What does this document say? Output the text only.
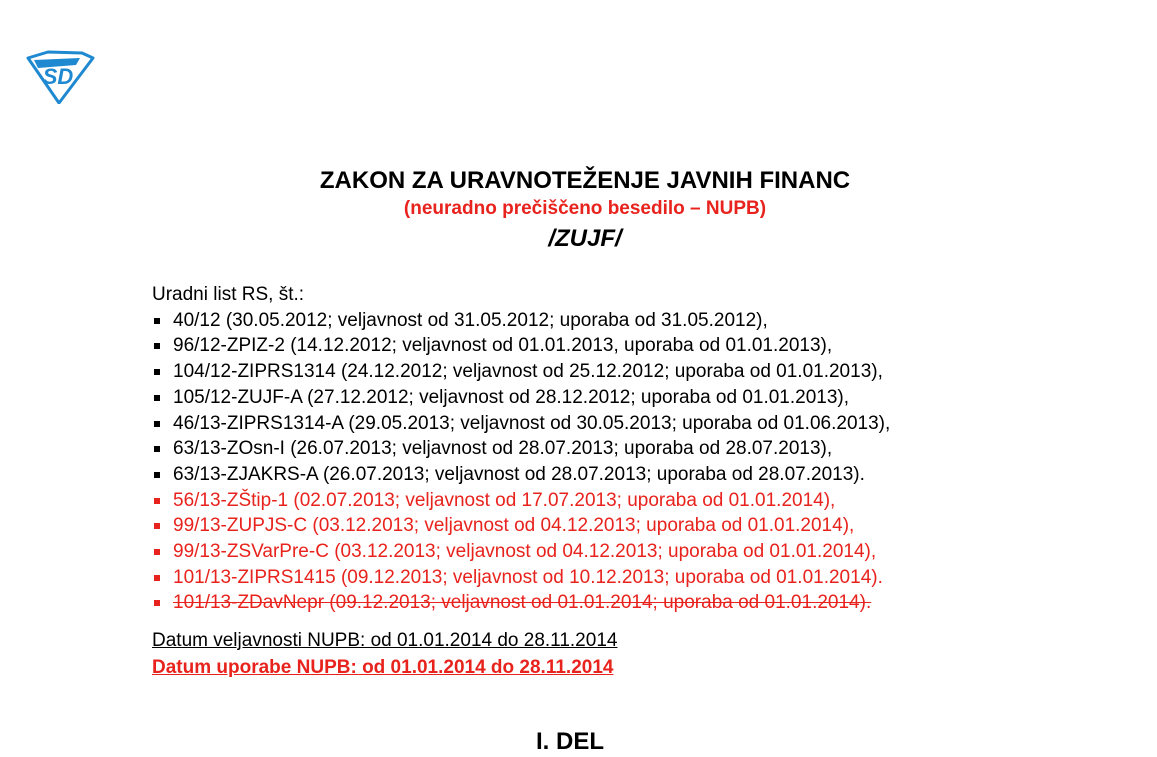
SD
ZAKON ZA URAVNOTEŽENJE JAVNIH FINANC
(neuradno prečiščeno besedilo – NUPB)
/ZUJF/
Uradni list RS, št.:
40/12 (30.05.2012; veljavnost od 31.05.2012; uporaba od 31.05.2012),
96/12-ZPIZ-2 (14.12.2012; veljavnost od 01.01.2013, uporaba od 01.01.2013),
104/12-ZIPRS1314 (24.12.2012; veljavnost od 25.12.2012; uporaba od 01.01.2013),
105/12-ZUJF-A (27.12.2012; veljavnost od 28.12.2012; uporaba od 01.01.2013),
46/13-ZIPRS1314-A (29.05.2013; veljavnost od 30.05.2013; uporaba od 01.06.2013),
63/13-ZOsn-I (26.07.2013; veljavnost od 28.07.2013; uporaba od 28.07.2013),
63/13-ZJAKRS-A (26.07.2013; veljavnost od 28.07.2013; uporaba od 28.07.2013).
56/13-ZŠtip-1 (02.07.2013; veljavnost od 17.07.2013; uporaba od 01.01.2014),
99/13-ZUPJS-C (03.12.2013; veljavnost od 04.12.2013; uporaba od 01.01.2014),
99/13-ZSVarPre-C (03.12.2013; veljavnost od 04.12.2013; uporaba od 01.01.2014),
101/13-ZIPRS1415 (09.12.2013; veljavnost od 10.12.2013; uporaba od 01.01.2014).
101/13-ZDavNepr (09.12.2013; veljavnost od 01.01.2014; uporaba od 01.01.2014).
Datum veljavnosti NUPB: od 01.01.2014 do 28.11.2014
Datum uporabe NUPB: od 01.01.2014 do 28.11.2014
I. DEL
